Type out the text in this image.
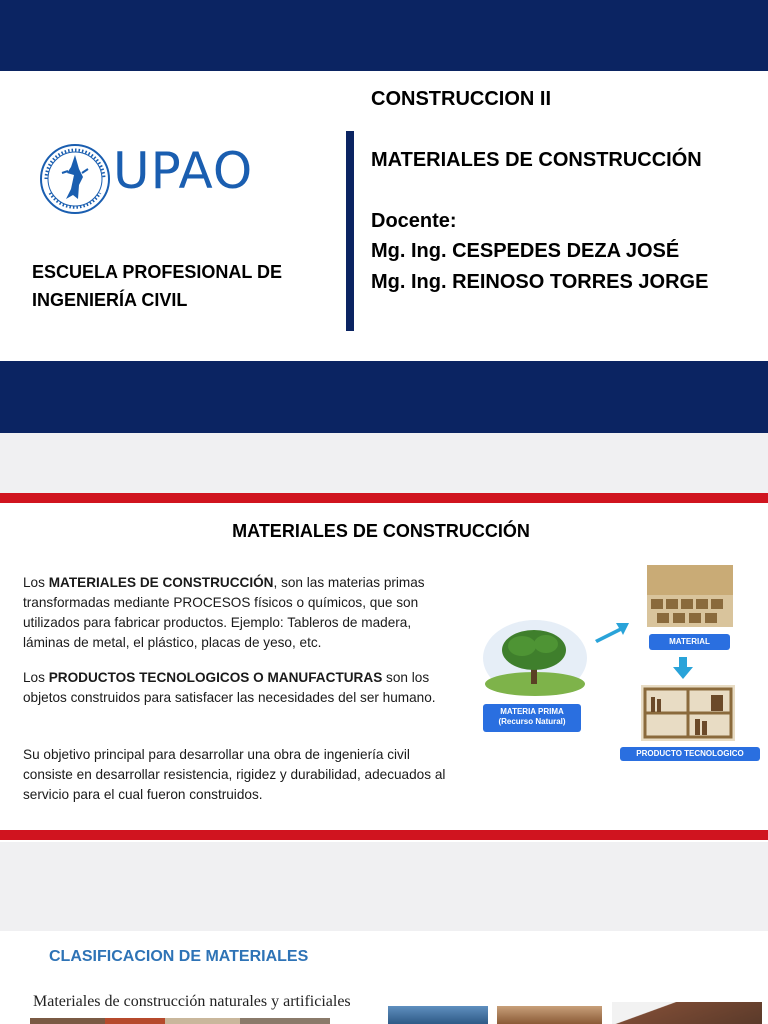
UPAO
ESCUELA PROFESIONAL DE INGENIERÍA CIVIL
CONSTRUCCION II
MATERIALES DE CONSTRUCCIÓN
Docente:
Mg. Ing. CESPEDES DEZA JOSÉ
Mg. Ing. REINOSO TORRES JORGE
MATERIALES DE CONSTRUCCIÓN
Los MATERIALES DE CONSTRUCCIÓN, son las materias primas transformadas mediante PROCESOS físicos o químicos, que son utilizados para fabricar productos. Ejemplo: Tableros de madera, láminas de metal, el plástico, placas de yeso, etc.
Los PRODUCTOS TECNOLOGICOS O MANUFACTURAS son los objetos construidos para satisfacer las necesidades del ser humano.
Su objetivo principal para desarrollar una obra de ingeniería civil consiste en desarrollar resistencia, rigidez y durabilidad, adecuados al servicio para el cual fueron construidos.
MATERIA PRIMA
(Recurso Natural)
MATERIAL
PRODUCTO TECNOLOGICO
CLASIFICACION DE MATERIALES
Materiales de construcción naturales y artificiales
